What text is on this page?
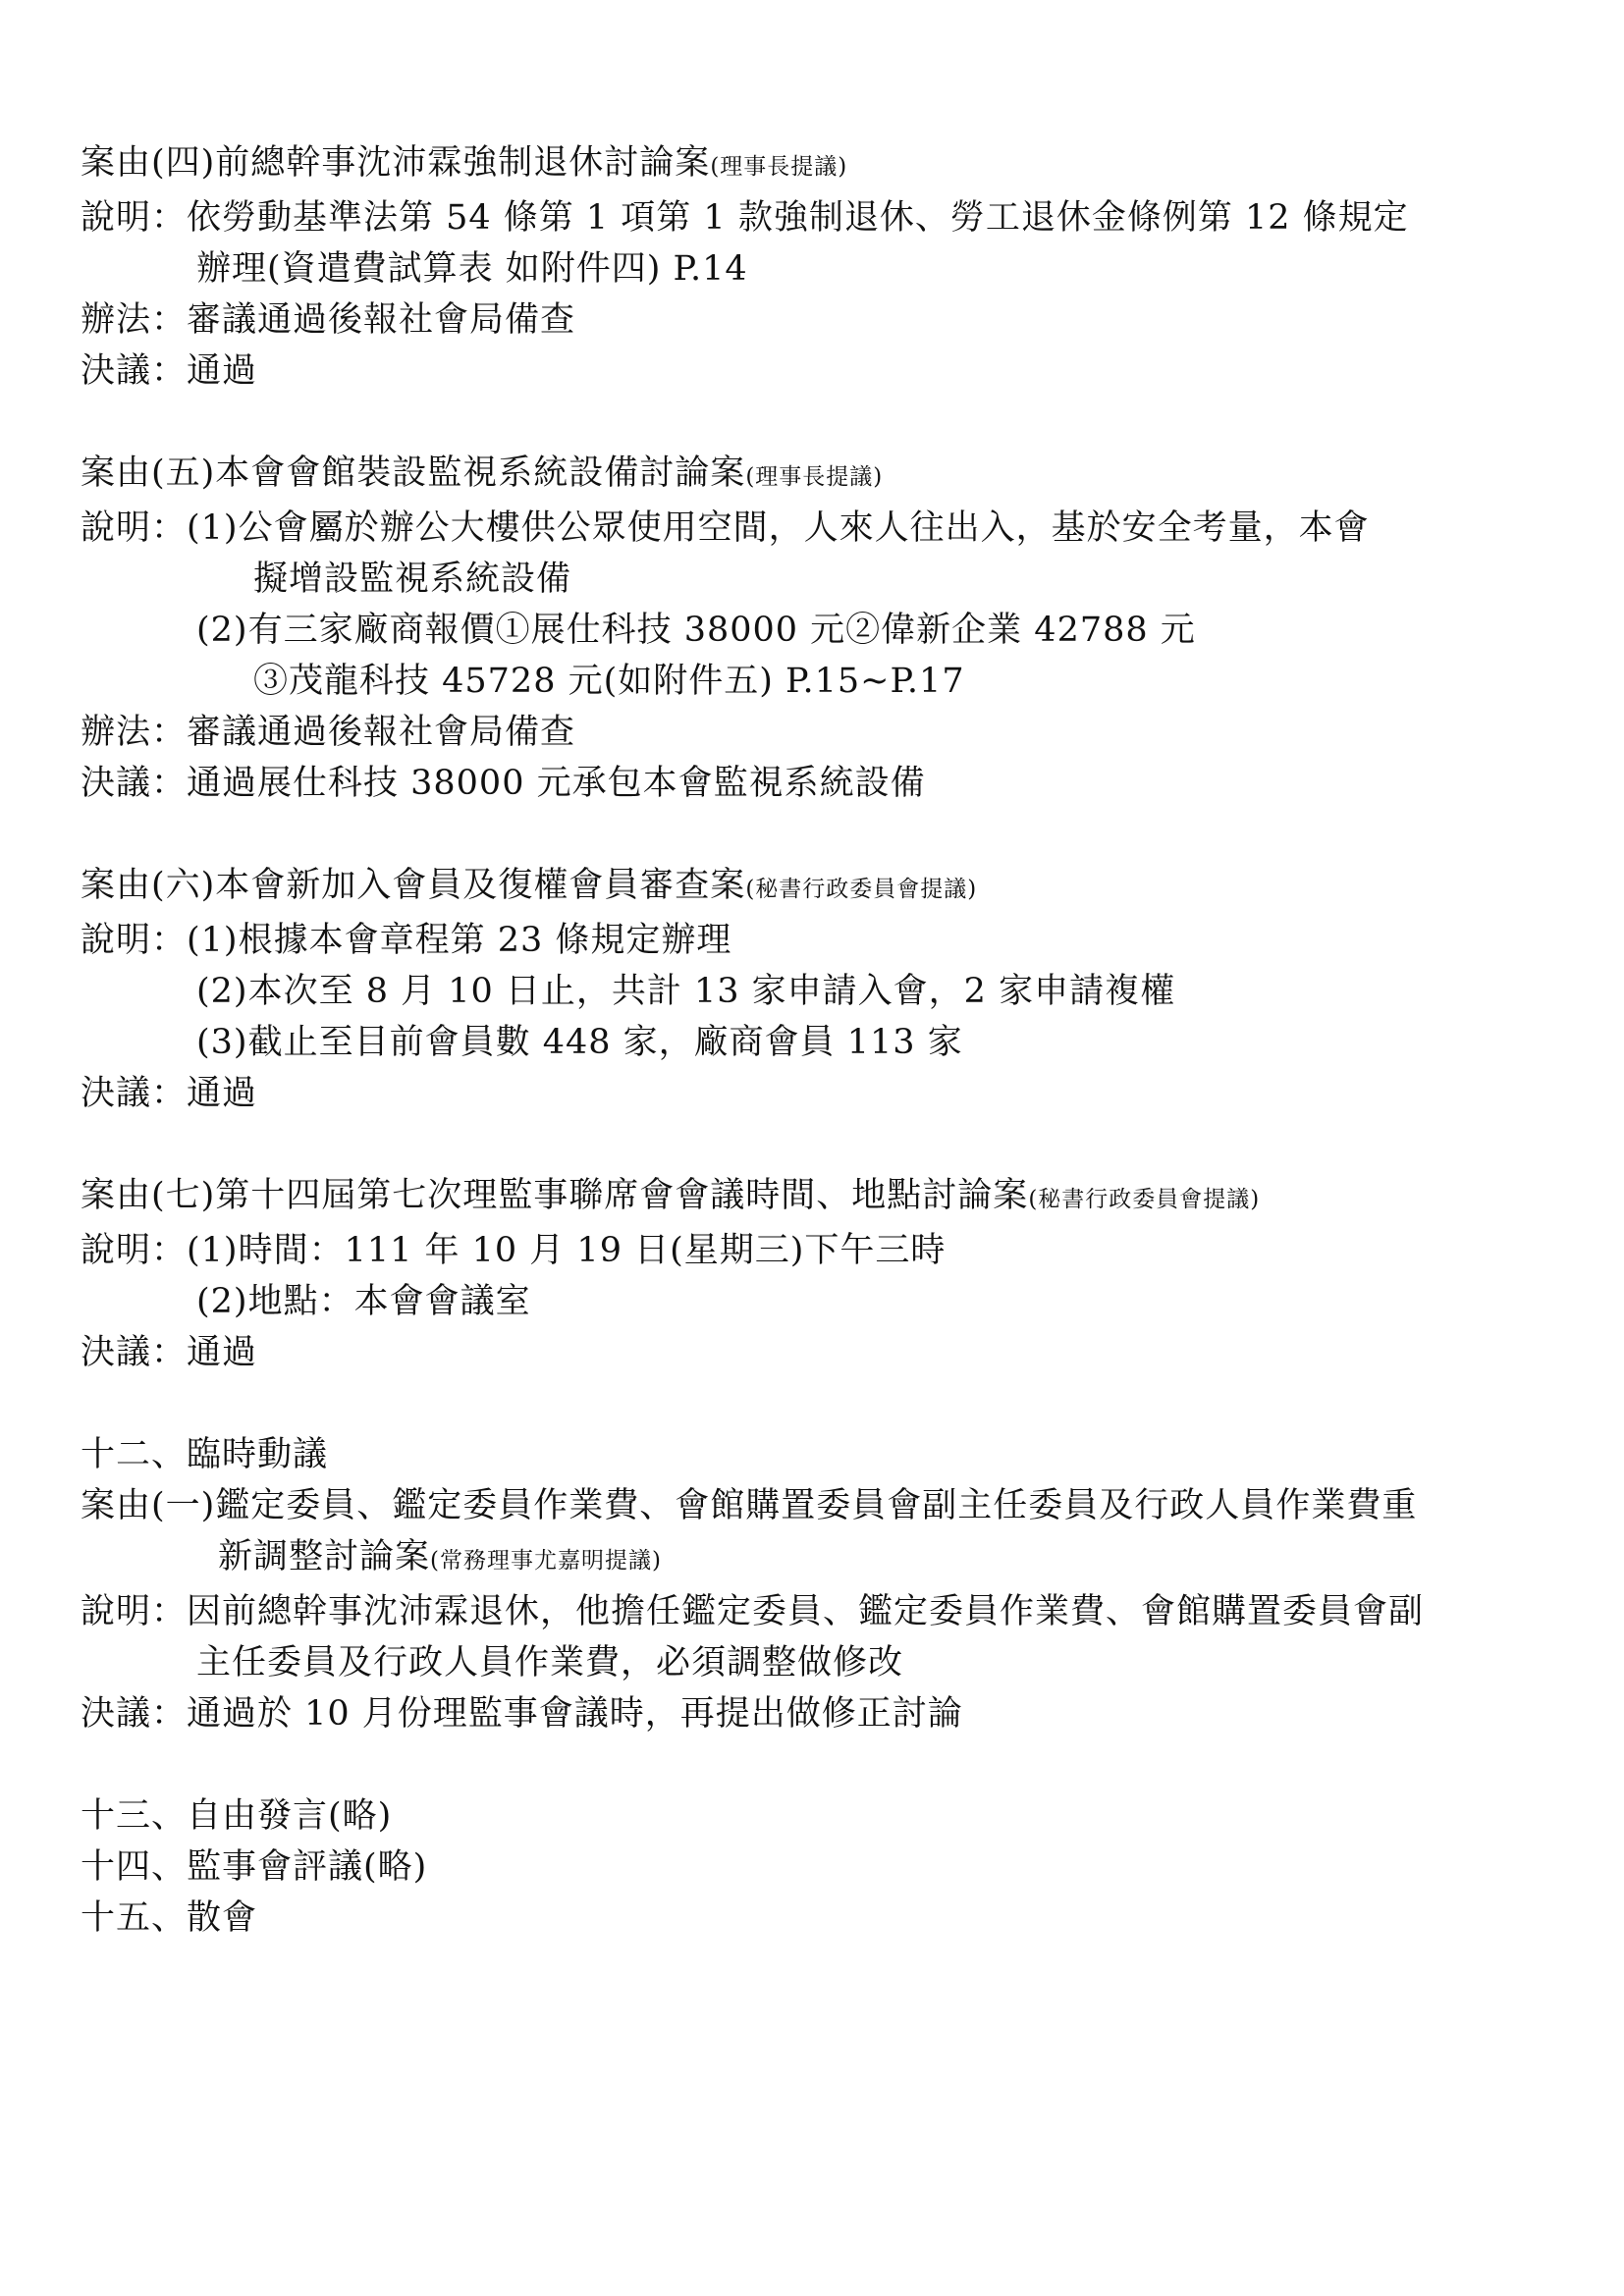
案由(四)前總幹事沈沛霖強制退休討論案(理事長提議)
說明：依勞動基準法第 54 條第 1 項第 1 款強制退休、勞工退休金條例第 12 條規定
辦理(資遣費試算表 如附件四) P.14
辦法：審議通過後報社會局備查
決議：通過
案由(五)本會會館裝設監視系統設備討論案(理事長提議)
說明：(1)公會屬於辦公大樓供公眾使用空間，人來人往出入，基於安全考量，本會
擬增設監視系統設備
(2)有三家廠商報價①展仕科技 38000 元②偉新企業 42788 元
③茂龍科技 45728 元(如附件五) P.15~P.17
辦法：審議通過後報社會局備查
決議：通過展仕科技 38000 元承包本會監視系統設備
案由(六)本會新加入會員及復權會員審查案(秘書行政委員會提議)
說明：(1)根據本會章程第 23 條規定辦理
(2)本次至 8 月 10 日止，共計 13 家申請入會，2 家申請複權
(3)截止至目前會員數 448 家，廠商會員 113 家
決議：通過
案由(七)第十四屆第七次理監事聯席會會議時間、地點討論案(秘書行政委員會提議)
說明：(1)時間：111 年 10 月 19 日(星期三)下午三時
(2)地點：本會會議室
決議：通過
十二、臨時動議
案由(一)鑑定委員、鑑定委員作業費、會館購置委員會副主任委員及行政人員作業費重
新調整討論案(常務理事尤嘉明提議)
說明：因前總幹事沈沛霖退休，他擔任鑑定委員、鑑定委員作業費、會館購置委員會副
主任委員及行政人員作業費，必須調整做修改
決議：通過於 10 月份理監事會議時，再提出做修正討論
十三、自由發言(略)
十四、監事會評議(略)
十五、散會
